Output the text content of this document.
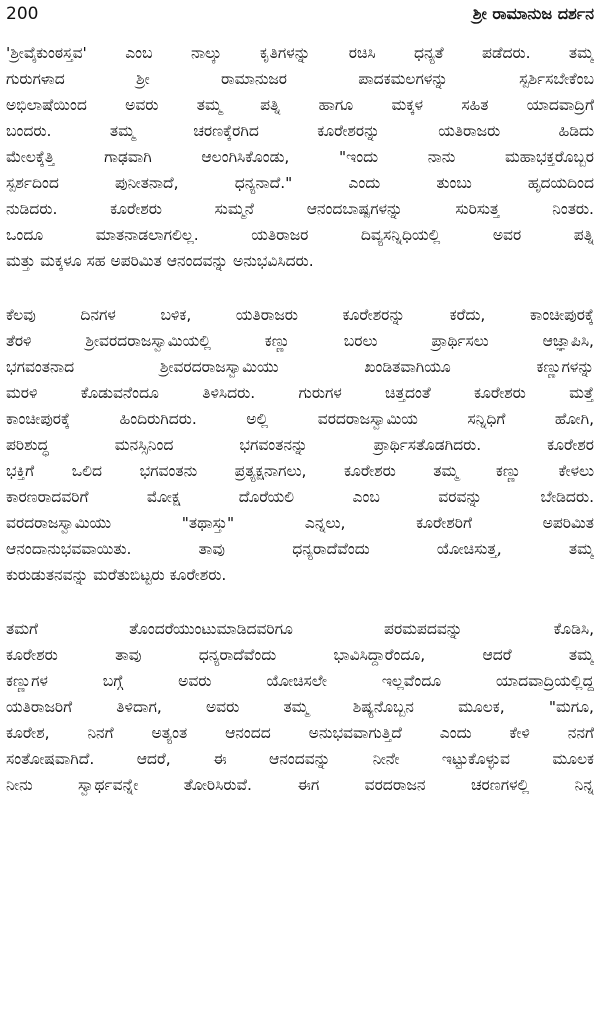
200	ಶ್ರೀ ರಾಮಾನುಜ ದರ್ಶನ
'ಶ್ರೀವೈಕುಂಠಸ್ತವ' ಎಂಬ ನಾಲ್ಕು ಕೃತಿಗಳನ್ನು ರಚಿಸಿ ಧನ್ಯತೆ ಪಡೆದರು. ತಮ್ಮ
ಗುರುಗಳಾದ ಶ್ರೀ ರಾಮಾನುಜರ ಪಾದಕಮಲಗಳನ್ನು ಸ್ಪರ್ಶಿಸಬೇಕೆಂಬ
ಅಭಿಲಾಷೆಯಿಂದ ಅವರು ತಮ್ಮ ಪತ್ನಿ ಹಾಗೂ ಮಕ್ಕಳ ಸಹಿತ ಯಾದವಾದ್ರಿಗೆ
ಬಂದರು. ತಮ್ಮ ಚರಣಕ್ಕೆರಗಿದ ಕೂರೇಶರನ್ನು ಯತಿರಾಜರು ಹಿಡಿದು
ಮೇಲಕ್ಕೆತ್ತಿ ಗಾಢವಾಗಿ ಆಲಂಗಿಸಿಕೊಂಡು, "ಇಂದು ನಾನು ಮಹಾಭಕ್ತರೊಬ್ಬರ
ಸ್ಪರ್ಶದಿಂದ ಪುನೀತನಾದೆ, ಧನ್ಯನಾದೆ." ಎಂದು ತುಂಬು ಹೃದಯದಿಂದ
ನುಡಿದರು. ಕೂರೇಶರು ಸುಮ್ಮನೆ ಆನಂದಬಾಷ್ಪಗಳನ್ನು ಸುರಿಸುತ್ತ ನಿಂತರು.
ಒಂದೂ ಮಾತನಾಡಲಾಗಲಿಲ್ಲ. ಯತಿರಾಜರ ದಿವ್ಯಸನ್ನಿಧಿಯಲ್ಲಿ ಅವರ ಪತ್ನಿ
ಮತ್ತು ಮಕ್ಕಳೂ ಸಹ ಅಪರಿಮಿತ ಆನಂದವನ್ನು ಅನುಭವಿಸಿದರು.
ಕೆಲವು ದಿನಗಳ ಬಳಿಕ, ಯತಿರಾಜರು ಕೂರೇಶರನ್ನು ಕರೆದು, ಕಾಂಚೀಪುರಕ್ಕೆ
ತೆರಳಿ ಶ್ರೀವರದರಾಜಸ್ವಾಮಿಯಲ್ಲಿ ಕಣ್ಣು ಬರಲು ಪ್ರಾರ್ಥಿಸಲು ಆಜ್ಞಾಪಿಸಿ,
ಭಗವಂತನಾದ ಶ್ರೀವರದರಾಜಸ್ವಾಮಿಯು ಖಂಡಿತವಾಗಿಯೂ ಕಣ್ಣುಗಳನ್ನು
ಮರಳಿ ಕೊಡುವನೆಂದೂ ತಿಳಿಸಿದರು. ಗುರುಗಳ ಚಿತ್ತದಂತೆ ಕೂರೇಶರು ಮತ್ತೆ
ಕಾಂಚೀಪುರಕ್ಕೆ ಹಿಂದಿರುಗಿದರು. ಅಲ್ಲಿ ವರದರಾಜಸ್ವಾಮಿಯ ಸನ್ನಿಧಿಗೆ ಹೋಗಿ,
ಪರಿಶುದ್ಧ ಮನಸ್ಸಿನಿಂದ ಭಗವಂತನನ್ನು ಪ್ರಾರ್ಥಿಸತೊಡಗಿದರು. ಕೂರೇಶರ
ಭಕ್ತಿಗೆ ಒಲಿದ ಭಗವಂತನು ಪ್ರತ್ಯಕ್ಷನಾಗಲು, ಕೂರೇಶರು ತಮ್ಮ ಕಣ್ಣು ಕೇಳಲು
ಕಾರಣರಾದವರಿಗೆ ಮೋಕ್ಷ ದೊರೆಯಲಿ ಎಂಬ ವರವನ್ನು ಬೇಡಿದರು.
ವರದರಾಜಸ್ವಾಮಿಯು "ತಥಾಸ್ತು" ಎನ್ನಲು, ಕೂರೇಶರಿಗೆ ಅಪರಿಮಿತ
ಆನಂದಾನುಭವವಾಯಿತು. ತಾವು ಧನ್ಯರಾದೆವೆಂದು ಯೋಚಿಸುತ್ತ, ತಮ್ಮ
ಕುರುಡುತನವನ್ನು ಮರೆತುಬಿಟ್ಟರು ಕೂರೇಶರು.
ತಮಗೆ ತೊಂದರೆಯುಂಟುಮಾಡಿದವರಿಗೂ ಪರಮಪದವನ್ನು ಕೊಡಿಸಿ,
ಕೂರೇಶರು ತಾವು ಧನ್ಯರಾದೆವೆಂದು ಭಾವಿಸಿದ್ದಾರೆಂದೂ, ಆದರೆ ತಮ್ಮ
ಕಣ್ಣುಗಳ ಬಗ್ಗೆ ಅವರು ಯೋಚಿಸಲೇ ಇಲ್ಲವೆಂದೂ ಯಾದವಾದ್ರಿಯಲ್ಲಿದ್ದ
ಯತಿರಾಜರಿಗೆ ತಿಳಿದಾಗ, ಅವರು ತಮ್ಮ ಶಿಷ್ಯನೊಬ್ಬನ ಮೂಲಕ, "ಮಗೂ,
ಕೂರೇಶ, ನಿನಗೆ ಅತ್ಯಂತ ಆನಂದದ ಅನುಭವವಾಗುತ್ತಿದೆ ಎಂದು ಕೇಳಿ ನನಗೆ
ಸಂತೋಷವಾಗಿದೆ. ಆದರೆ, ಈ ಆನಂದವನ್ನು ನೀನೇ ಇಟ್ಟುಕೊಳ್ಳುವ ಮೂಲಕ
ನೀನು ಸ್ವಾರ್ಥವನ್ನೇ ತೋರಿಸಿರುವೆ. ಈಗ ವರದರಾಜನ ಚರಣಗಳಲ್ಲಿ ನಿನ್ನ
